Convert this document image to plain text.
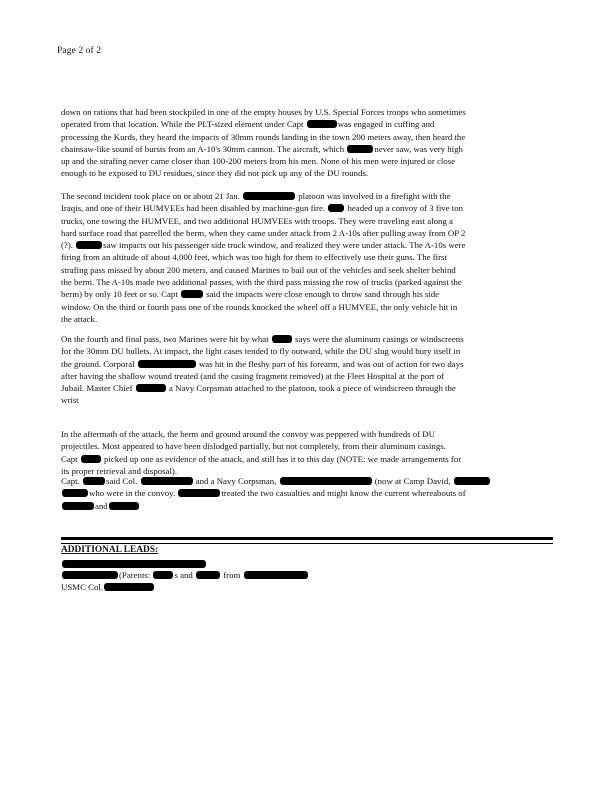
Page 2 of 2

down on rations that had been stockpiled in one of the empty houses by U.S. Special Forces troops who sometimes

operated from that location. While the PLT-sized element under Capt	was engaged in cuffing and

processing the Kurds, they heard the impacts of 30mm rounds landing in the town 200 meters away, then heard the

chainsaw-like sound of bursts from an A-10's 30mm cannon. The aircraft, which	never saw, was very high

up and the strafing never came closer than 100-200 meters from his men. None of his men were injured or close

enough to be exposed to DU residues, since they did not pick up any of the DU rounds.

The second incident took place on or about 21 Jan.	platoon was involved in a firefight with the

Iraqis, and one of their HUMVEEs had been disabled by machine-gun fire.  headed up a convoy of 3 five ton

trucks, one towing the HUMVEE, and two additional HUMVEEs with troops. They were traveling east along a

hard surface road that parrelled the berm, when they came under attack from 2 A-10s after pulling away from OP 2

(?).	saw impacts out his passenger side truck window, and realized they were under attack. The A-10s were

firing from an altitude of about 4,000 feet, which was too high for them to effectively use their guns. The first

strafing pass missed by about 200 meters, and caused Marines to bail out of the vehicles and seek shelter behind

the berm. The A-10s made two additional passes, with the third pass missing the row of trucks (parked against the

berm) by only 10 feet or so. Capt	said the impacts were close enough to throw sand through his side

window. On the third or fourth pass one of the rounds knocked the wheel off a HUMVEE, the only vehicle hit in

the attack.

On the fourth and final pass, two Marines were hit by what	says were the aluminum casings or windscreens

for the 30mm DU bullets. At impact, the light cases tended to fly outward, while the DU slug would bury itself in

the ground. Corporal	was hit in the fleshy part of his forearm, and was out of action for two days

after having the shallow wound treated (and the casing fragment removed) at the Fleet Hospital at the port of

Jubail. Master Chief	a Navy Corpsman attached to the platoon, took a piece of windscreen through the

wrist

In the aftermath of the attack, the berm and ground around the convoy was peppered with hundreds of DU

projectiles. Most appeared to have been dislodged partially, but not completely, from their aluminum casings.

Capt	picked up one as evidence of the attack, and still has it to this day (NOTE: we made arrangements for

its proper retrieval and disposal).

Capt.	said Col.	and a Navy Corpsman,	(now at Camp David,

who were in the convoy.	treated the two casualties and might know the current whereabouts of

and

ADDITIONAL LEADS:
(Parents:	s and	from
USMC Col.
